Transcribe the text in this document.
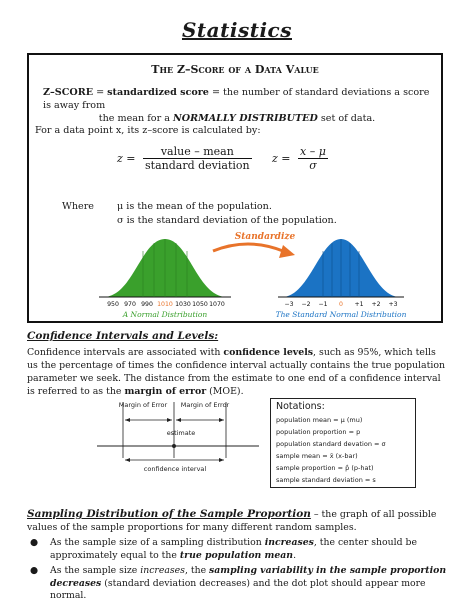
Statistics
The Z–Score of a Data Value
Z–SCORE = standardized score = the number of standard deviations a score is away from
the mean for a NORMALLY DISTRIBUTED set of data.
For a data point x, its z–score is calculated by:
$z = \frac{\text{value – mean}}{\text{standard deviation}}$ $z = \frac{x - \mu}{\sigma}$
Where μ is the mean of the population.
σ is the standard deviation of the population.
Standardize
950 970 990 1010 1030 1050 1070	−3 −2 −1 0 +1 +2 +3
A Normal Distribution	The Standard Normal Distribution
Confidence Intervals and Levels:
Confidence intervals are associated with confidence levels, such as 95%, which tells us the percentage of times the confidence interval actually contains the true population parameter we seek. The distance from the estimate to one end of a confidence interval is referred to as the margin of error (MOE).
Margin of Error Margin of Error
estimate
confidence interval
Notations:
population mean = μ (mu)
population proportion = p
population standard devation = σ
sample mean = x̄ (x-bar)
sample proportion = p̂ (p-hat)
sample standard deviation = s
Sampling Distribution of the Sample Proportion – the graph of all possible values of the sample proportions for many different random samples.
● As the sample size of a sampling distribution increases, the center should be approximately equal to the true population mean.
● As the sample size increases, the sampling variability in the sample proportion decreases (standard deviation decreases) and the dot plot should appear more normal.
